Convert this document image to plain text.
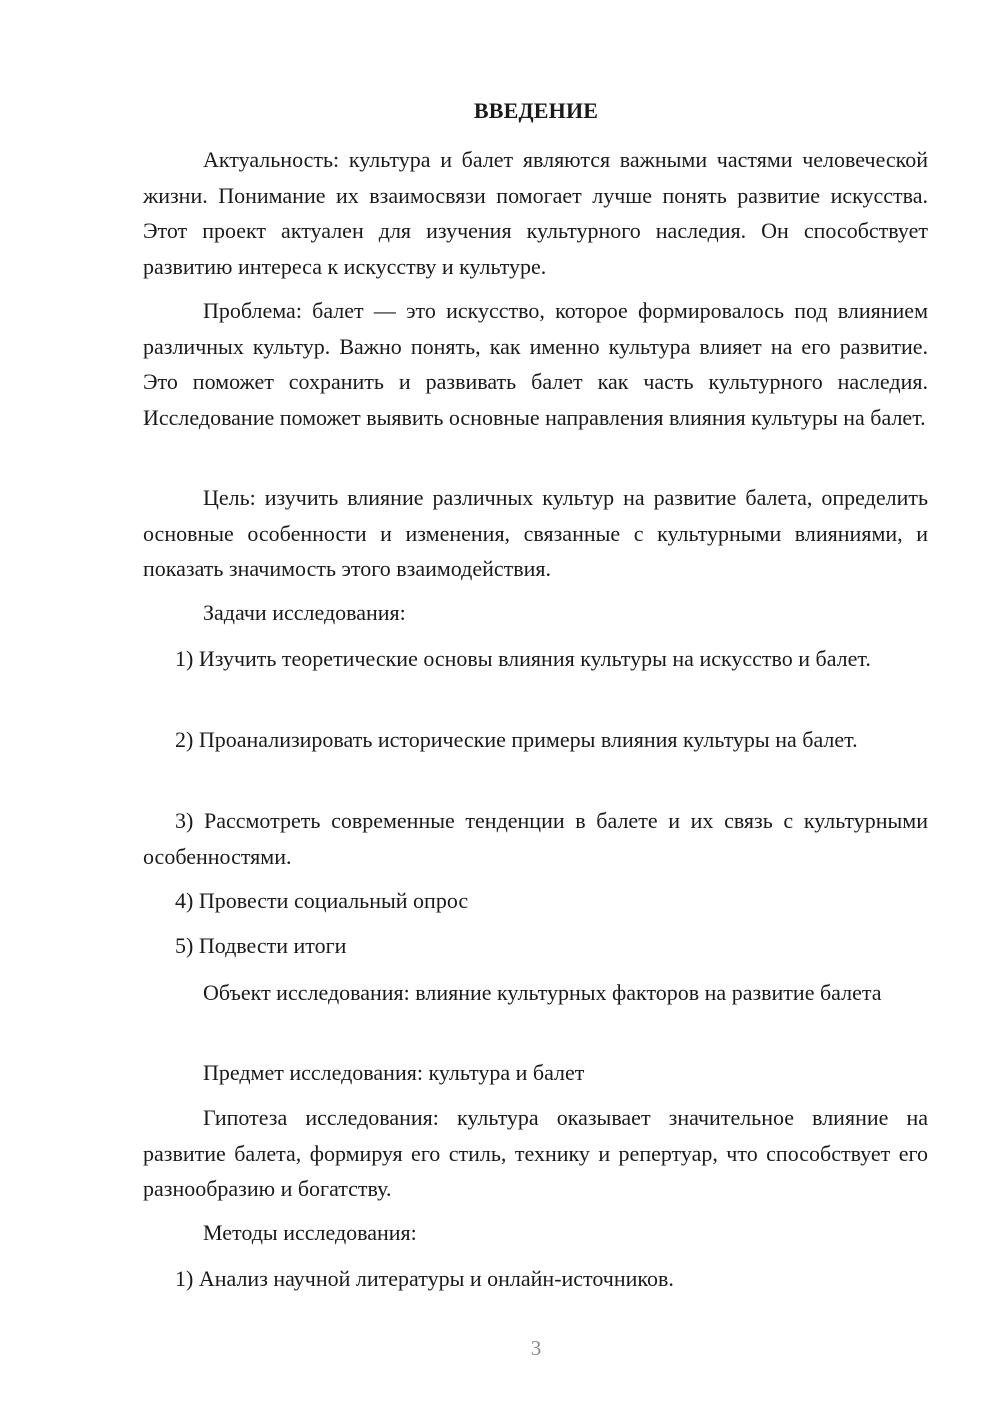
ВВЕДЕНИЕ

Актуальность: культура и балет являются важными частями человеческой жизни. Понимание их взаимосвязи помогает лучше понять развитие искусства. Этот проект актуален для изучения культурного наследия. Он способствует развитию интереса к искусству и культуре.

Проблема: балет — это искусство, которое формировалось под влиянием различных культур. Важно понять, как именно культура влияет на его развитие. Это поможет сохранить и развивать балет как часть культурного наследия. Исследование поможет выявить основные направления влияния культуры на балет.

Цель: изучить влияние различных культур на развитие балета, определить основные особенности и изменения, связанные с культурными влияниями, и показать значимость этого взаимодействия.

Задачи исследования:

1) Изучить теоретические основы влияния культуры на искусство и балет.

2) Проанализировать исторические примеры влияния культуры на балет.

3) Рассмотреть современные тенденции в балете и их связь с культурными особенностями.

4) Провести социальный опрос

5) Подвести итоги

Объект исследования: влияние культурных факторов на развитие балета

Предмет исследования: культура и балет

Гипотеза исследования: культура оказывает значительное влияние на развитие балета, формируя его стиль, технику и репертуар, что способствует его разнообразию и богатству.

Методы исследования:

1) Анализ научной литературы и онлайн-источников.

3
